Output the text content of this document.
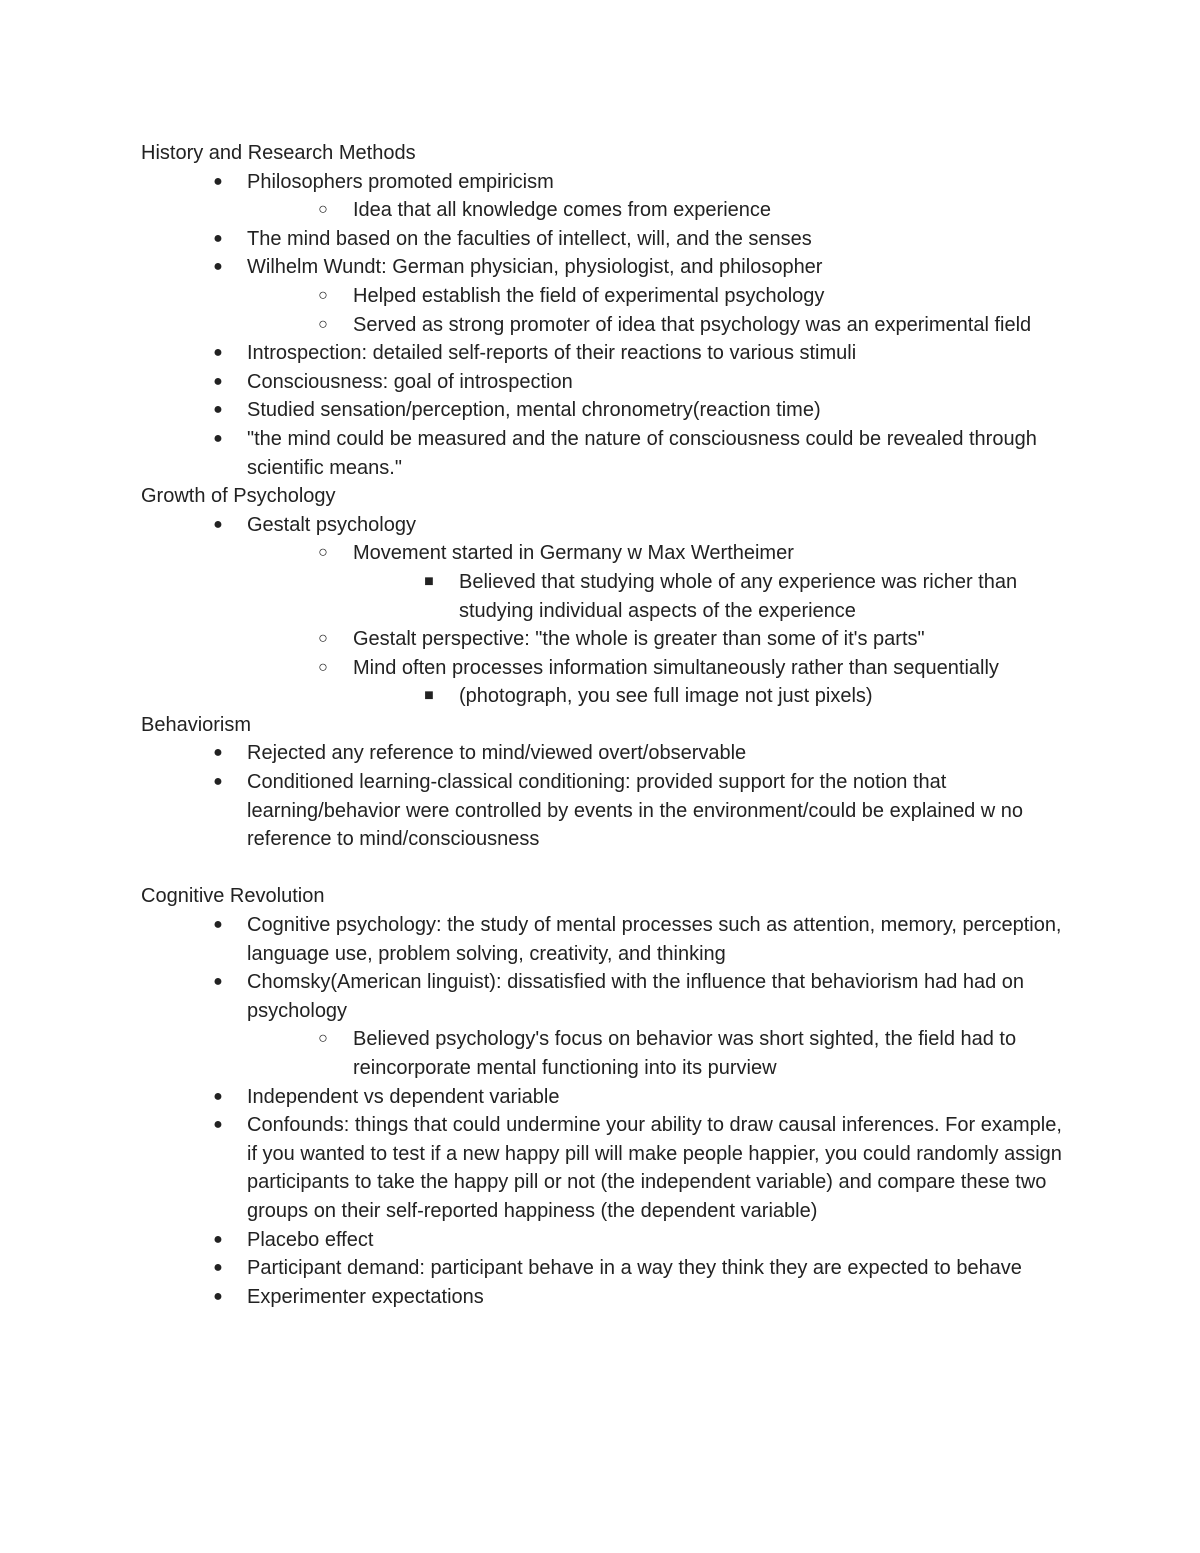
History and Research Methods
● Philosophers promoted empiricism
○ Idea that all knowledge comes from experience
● The mind based on the faculties of intellect, will, and the senses
● Wilhelm Wundt: German physician, physiologist, and philosopher
○ Helped establish the field of experimental psychology
○ Served as strong promoter of idea that psychology was an experimental field
● Introspection: detailed self-reports of their reactions to various stimuli
● Consciousness: goal of introspection
● Studied sensation/perception, mental chronometry(reaction time)
● "the mind could be measured and the nature of consciousness could be revealed through scientific means."
Growth of Psychology
● Gestalt psychology
○ Movement started in Germany w Max Wertheimer
■ Believed that studying whole of any experience was richer than studying individual aspects of the experience
○ Gestalt perspective: "the whole is greater than some of it's parts"
○ Mind often processes information simultaneously rather than sequentially
■ (photograph, you see full image not just pixels)
Behaviorism
● Rejected any reference to mind/viewed overt/observable
● Conditioned learning-classical conditioning: provided support for the notion that learning/behavior were controlled by events in the environment/could be explained w no reference to mind/consciousness
Cognitive Revolution
● Cognitive psychology: the study of mental processes such as attention, memory, perception, language use, problem solving, creativity, and thinking
● Chomsky(American linguist): dissatisfied with the influence that behaviorism had had on psychology
○ Believed psychology's focus on behavior was short sighted, the field had to reincorporate mental functioning into its purview
● Independent vs dependent variable
● Confounds: things that could undermine your ability to draw causal inferences. For example, if you wanted to test if a new happy pill will make people happier, you could randomly assign participants to take the happy pill or not (the independent variable) and compare these two groups on their self-reported happiness (the dependent variable)
● Placebo effect
● Participant demand: participant behave in a way they think they are expected to behave
● Experimenter expectations
